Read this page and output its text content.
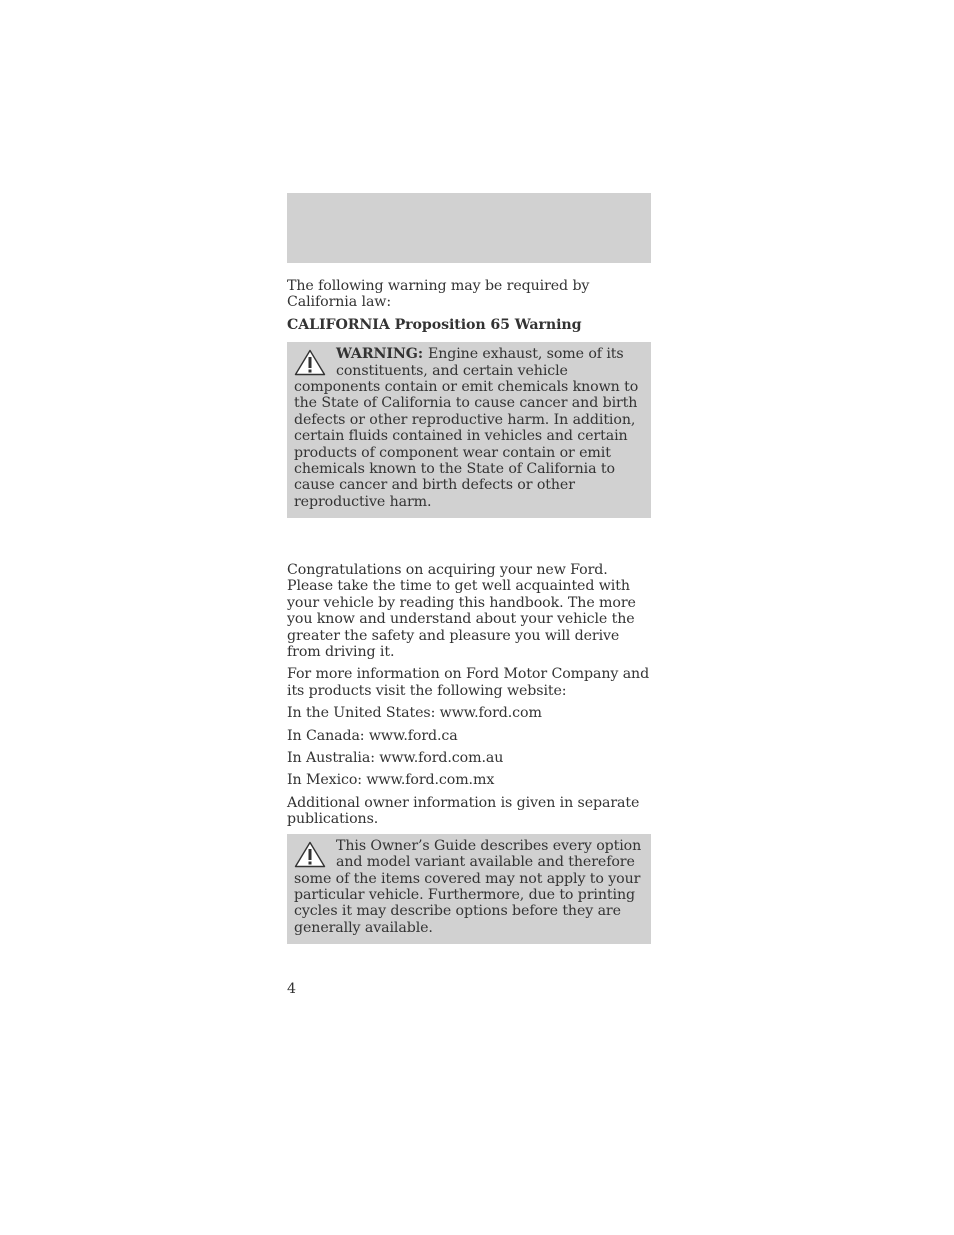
The following warning may be required by California law:

CALIFORNIA Proposition 65 Warning

WARNING: Engine exhaust, some of its constituents, and certain vehicle components contain or emit chemicals known to the State of California to cause cancer and birth defects or other reproductive harm. In addition, certain fluids contained in vehicles and certain products of component wear contain or emit chemicals known to the State of California to cause cancer and birth defects or other reproductive harm.

Congratulations on acquiring your new Ford. Please take the time to get well acquainted with your vehicle by reading this handbook. The more you know and understand about your vehicle the greater the safety and pleasure you will derive from driving it.

For more information on Ford Motor Company and its products visit the following website:

In the United States: www.ford.com

In Canada: www.ford.ca

In Australia: www.ford.com.au

In Mexico: www.ford.com.mx

Additional owner information is given in separate publications.

This Owner’s Guide describes every option and model variant available and therefore some of the items covered may not apply to your particular vehicle. Furthermore, due to printing cycles it may describe options before they are generally available.
4
